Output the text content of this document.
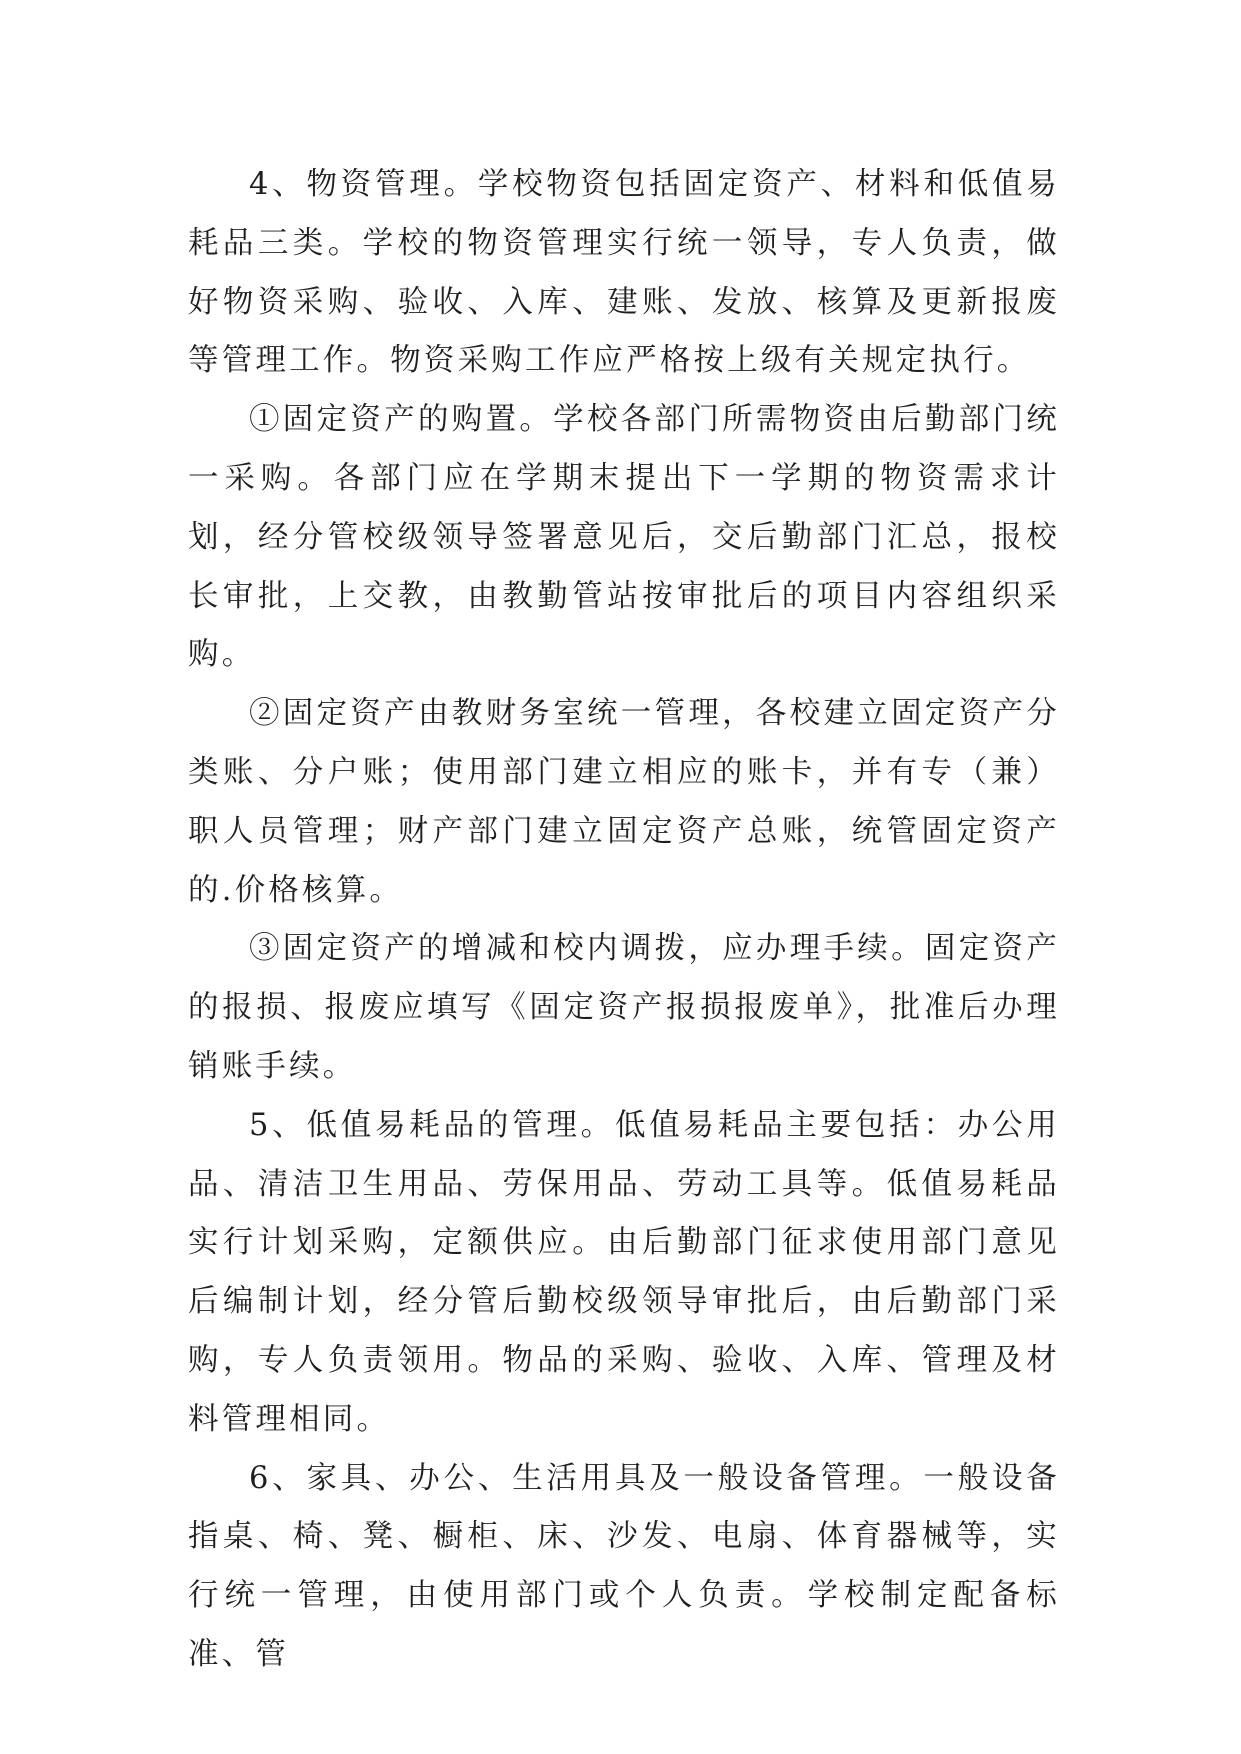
4、物资管理。学校物资包括固定资产、材料和低值易耗品三类。学校的物资管理实行统一领导，专人负责，做好物资采购、验收、入库、建账、发放、核算及更新报废等管理工作。物资采购工作应严格按上级有关规定执行。

①固定资产的购置。学校各部门所需物资由后勤部门统一采购。各部门应在学期末提出下一学期的物资需求计划，经分管校级领导签署意见后，交后勤部门汇总，报校长审批，上交教，由教勤管站按审批后的项目内容组织采购。

②固定资产由教财务室统一管理，各校建立固定资产分类账、分户账；使用部门建立相应的账卡，并有专（兼）职人员管理；财产部门建立固定资产总账，统管固定资产的.价格核算。

③固定资产的增减和校内调拨，应办理手续。固定资产的报损、报废应填写《固定资产报损报废单》，批准后办理销账手续。

5、低值易耗品的管理。低值易耗品主要包括：办公用品、清洁卫生用品、劳保用品、劳动工具等。低值易耗品实行计划采购，定额供应。由后勤部门征求使用部门意见后编制计划，经分管后勤校级领导审批后，由后勤部门采购，专人负责领用。物品的采购、验收、入库、管理及材料管理相同。

6、家具、办公、生活用具及一般设备管理。一般设备指桌、椅、凳、橱柜、床、沙发、电扇、体育器械等，实行统一管理，由使用部门或个人负责。学校制定配备标准、管
